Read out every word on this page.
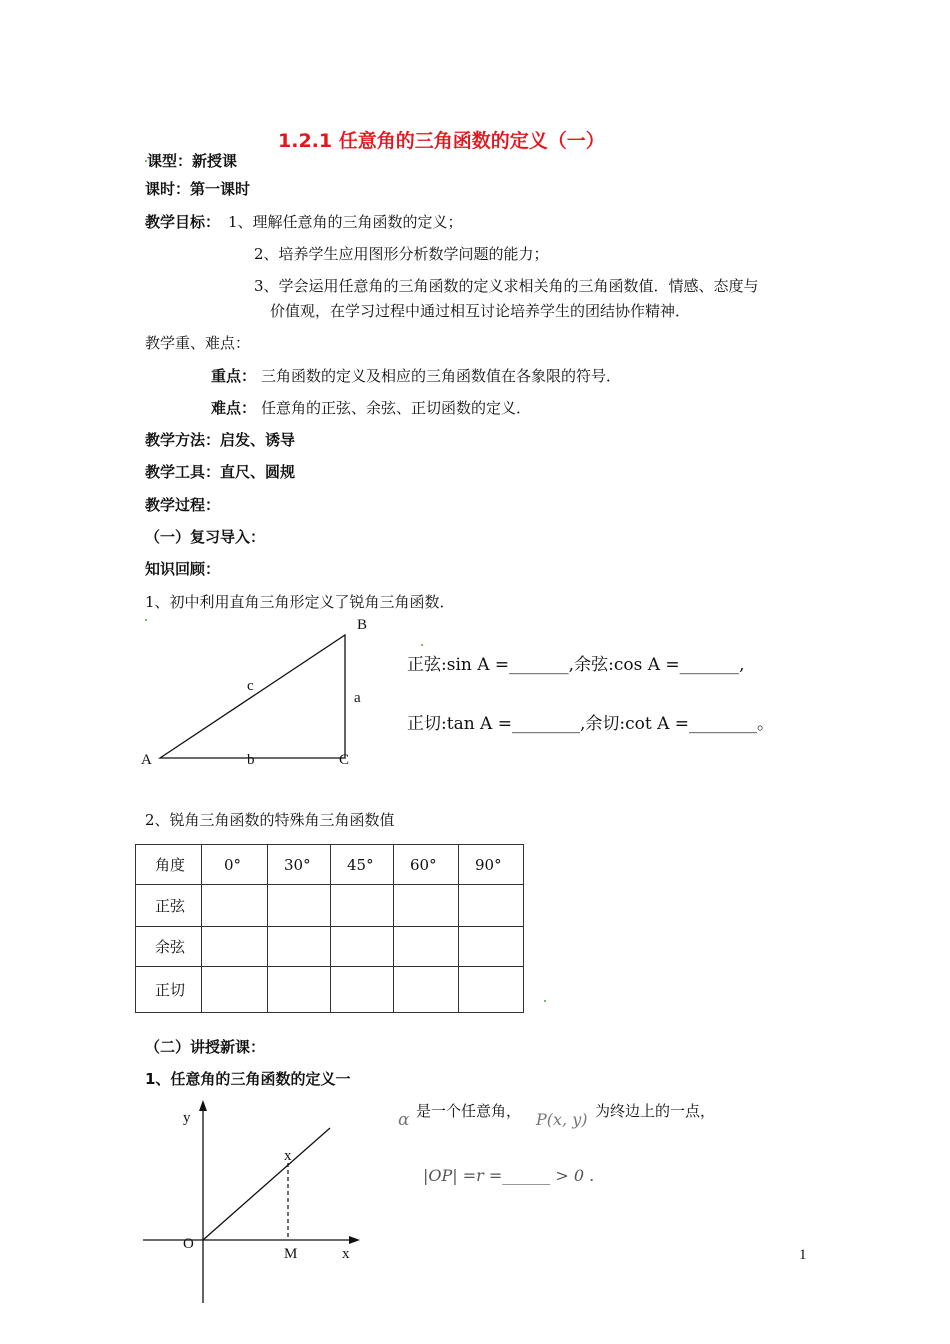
1.2.1 任意角的三角函数的定义（一）
课型：新授课
课时：第一课时
教学目标： 1、理解任意角的三角函数的定义；
2、培养学生应用图形分析数学问题的能力；
3、学会运用任意角的三角函数的定义求相关角的三角函数值．情感、态度与
价值观，在学习过程中通过相互讨论培养学生的团结协作精神．
教学重、难点：
重点： 三角函数的定义及相应的三角函数值在各象限的符号．
难点： 任意角的正弦、余弦、正切函数的定义．
教学方法：启发、诱导
教学工具：直尺、圆规
教学过程：
（一）复习导入：
知识回顾：
1、初中利用直角三角形定义了锐角三角函数．
B
c
a
A	b	C
正弦:sin A =_______,余弦:cos A =_______,
正切:tan A =________,余切:cot A =________。
2、锐角三角函数的特殊角三角函数值
角度	0°	30°	45°	60°	90°
正弦					
余弦					
正切					
（二）讲授新课：
1、任意角的三角函数的定义一
y
x
O
M	x
α 是一个任意角， P(x, y) 为终边上的一点，
|OP| =r =______ > 0 .
1
